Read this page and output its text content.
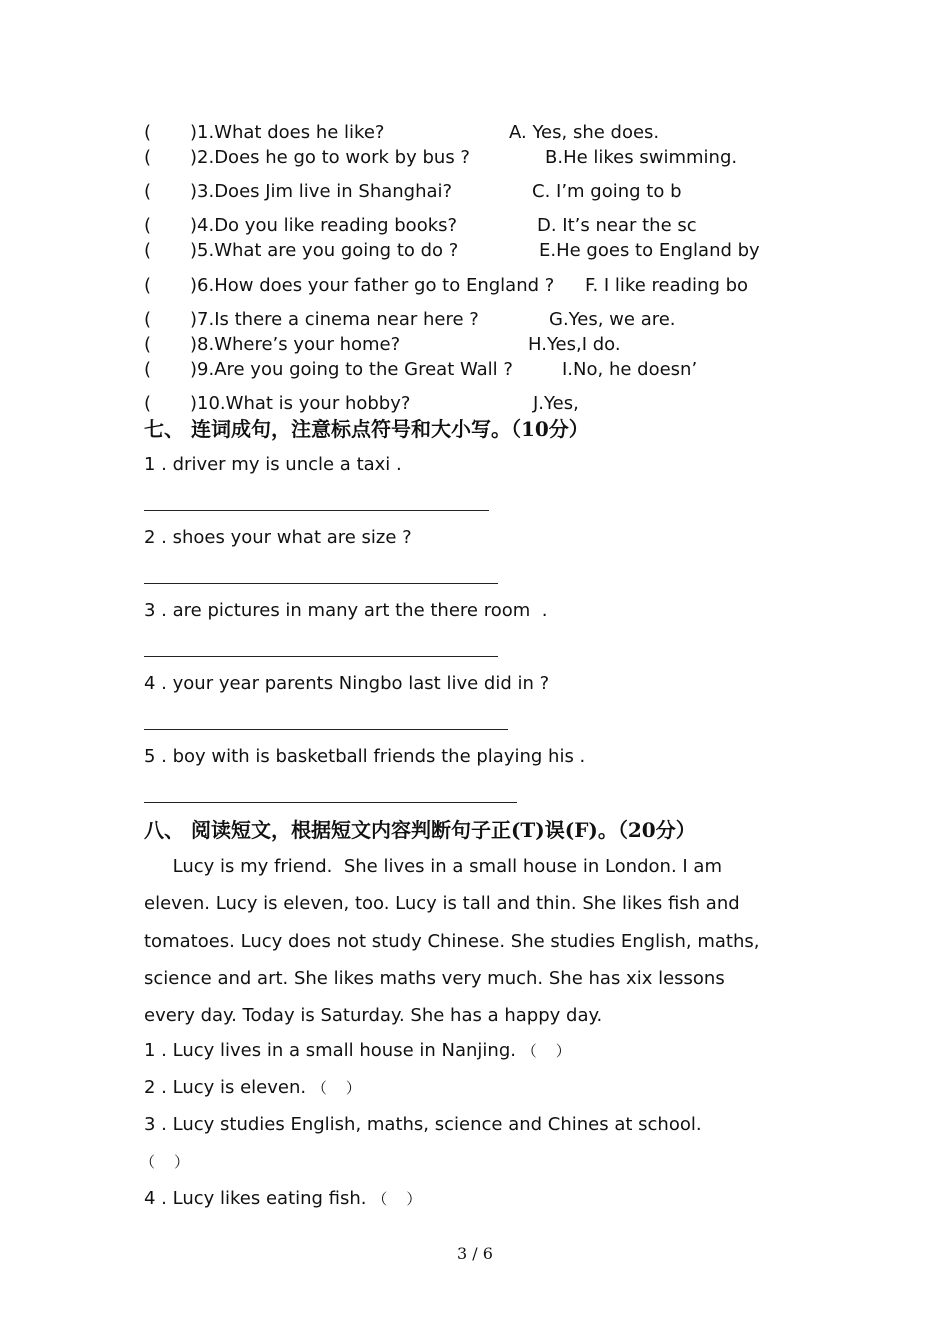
( )1.What does he like?	A. Yes, she does.
( )2.Does he go to work by bus ?	B.He likes swimming.
( )3.Does Jim live in Shanghai?	C. I’m going to b
( )4.Do you like reading books?	D. It’s near the sc
( )5.What are you going to do ?	E.He goes to England by
( )6.How does your father go to England ? F. I like reading bo
( )7.Is there a cinema near here ?	G.Yes, we are.
( )8.Where’s your home?	H.Yes,I do.
( )9.Are you going to the Great Wall ?	I.No, he doesn’
( )10.What is your hobby?	J.Yes,
七、 连词成句，注意标点符号和大小写。（10分）
1 . driver my is uncle a taxi .
2 . shoes your what are size ?
3 . are pictures in many art the there room  .
4 . your year parents Ningbo last live did in ?
5 . boy with is basketball friends the playing his .
八、 阅读短文，根据短文内容判断句子正(T)误(F)。（20分）
Lucy is my friend.  She lives in a small house in London. I am
eleven. Lucy is eleven, too. Lucy is tall and thin. She likes fish and
tomatoes. Lucy does not study Chinese. She studies English, maths,
science and art. She likes maths very much. She has xix lessons
every day. Today is Saturday. She has a happy day.
1 . Lucy lives in a small house in Nanjing. （    ）
2 . Lucy is eleven. （    ）
3 . Lucy studies English, maths, science and Chines at school.
（    ）
4 . Lucy likes eating fish. （    ）
3 / 6
